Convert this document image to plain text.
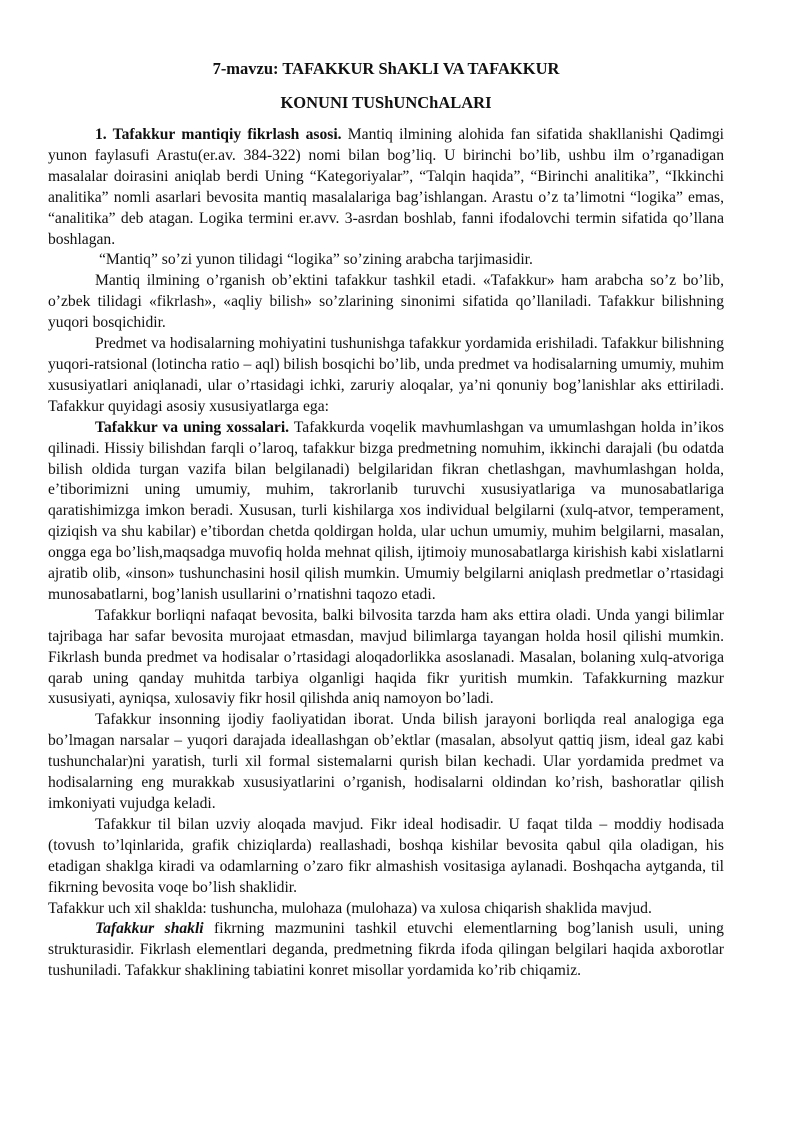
7-mavzu: TAFAKKUR ShAKLI VA TAFAKKUR
KONUNI TUShUNChALARI

1. Tafakkur mantiqiy fikrlash asosi. Mantiq ilmining alohida fan sifatida shakllanishi Qadimgi yunon faylasufi Arastu(er.av. 384-322) nomi bilan bog’liq. U birinchi bo’lib, ushbu ilm o’rganadigan masalalar doirasini aniqlab berdi Uning “Kategoriyalar”, “Talqin haqida”, “Birinchi analitika”, “Ikkinchi analitika” nomli asarlari bevosita mantiq masalalariga bag’ishlangan. Arastu o’z ta’limotni “logika” emas, “analitika” deb atagan. Logika termini er.avv. 3-asrdan boshlab, fanni ifodalovchi termin sifatida qo’llana boshlagan.

“Mantiq” so’zi yunon tilidagi “logika” so’zining arabcha tarjimasidir.

Mantiq ilmining o’rganish ob’ektini tafakkur tashkil etadi. «Tafakkur» ham arabcha so’z bo’lib, o’zbek tilidagi «fikrlash», «aqliy bilish» so’zlarining sinonimi sifatida qo’llaniladi. Tafakkur bilishning yuqori bosqichidir.

Predmet va hodisalarning mohiyatini tushunishga tafakkur yordamida erishiladi. Tafakkur bilishning yuqori-ratsional (lotincha ratio – aql) bilish bosqichi bo’lib, unda predmet va hodisalarning umumiy, muhim xususiyatlari aniqlanadi, ular o’rtasidagi ichki, zaruriy aloqalar, ya’ni qonuniy bog’lanishlar aks ettiriladi. Tafakkur quyidagi asosiy xususiyatlarga ega:

Tafakkur va uning xossalari. Tafakkurda voqelik mavhumlashgan va umumlashgan holda in’ikos qilinadi. Hissiy bilishdan farqli o’laroq, tafakkur bizga predmetning nomuhim, ikkinchi darajali (bu odatda bilish oldida turgan vazifa bilan belgilanadi) belgilaridan fikran chetlashgan, mavhumlashgan holda, e’tiborimizni uning umumiy, muhim, takrorlanib turuvchi xususiyatlariga va munosabatlariga qaratishimizga imkon beradi. Xususan, turli kishilarga xos individual belgilarni (xulq-atvor, temperament, qiziqish va shu kabilar) e’tibordan chetda qoldirgan holda, ular uchun umumiy, muhim belgilarni, masalan, ongga ega bo’lish,maqsadga muvofiq holda mehnat qilish, ijtimoiy munosabatlarga kirishish kabi xislatlarni ajratib olib, «inson» tushunchasini hosil qilish mumkin. Umumiy belgilarni aniqlash predmetlar o’rtasidagi munosabatlarni, bog’lanish usullarini o’rnatishni taqozo etadi.

Tafakkur borliqni nafaqat bevosita, balki bilvosita tarzda ham aks ettira oladi. Unda yangi bilimlar tajribaga har safar bevosita murojaat etmasdan, mavjud bilimlarga tayangan holda hosil qilishi mumkin. Fikrlash bunda predmet va hodisalar o’rtasidagi aloqadorlikka asoslanadi. Masalan, bolaning xulq-atvoriga qarab uning qanday muhitda tarbiya olganligi haqida fikr yuritish mumkin. Tafakkurning mazkur xususiyati, ayniqsa, xulosaviy fikr hosil qilishda aniq namoyon bo’ladi.

Tafakkur insonning ijodiy faoliyatidan iborat. Unda bilish jarayoni borliqda real analogiga ega bo’lmagan narsalar – yuqori darajada ideallashgan ob’ektlar (masalan, absolyut qattiq jism, ideal gaz kabi tushunchalar)ni yaratish, turli xil formal sistemalarni qurish bilan kechadi. Ular yordamida predmet va hodisalarning eng murakkab xususiyatlarini o’rganish, hodisalarni oldindan ko’rish, bashoratlar qilish imkoniyati vujudga keladi.

Tafakkur til bilan uzviy aloqada mavjud. Fikr ideal hodisadir. U faqat tilda – moddiy hodisada (tovush to’lqinlarida, grafik chiziqlarda) reallashadi, boshqa kishilar bevosita qabul qila oladigan, his etadigan shaklga kiradi va odamlarning o’zaro fikr almashish vositasiga aylanadi. Boshqacha aytganda, til fikrning bevosita voqe bo’lish shaklidir.

Tafakkur uch xil shaklda: tushuncha, mulohaza (mulohaza) va xulosa chiqarish shaklida mavjud.

Tafakkur shakli fikrning mazmunini tashkil etuvchi elementlarning bog’lanish usuli, uning strukturasidir. Fikrlash elementlari deganda, predmetning fikrda ifoda qilingan belgilari haqida axborotlar tushuniladi. Tafakkur shaklining tabiatini konret misollar yordamida ko’rib chiqamiz.
